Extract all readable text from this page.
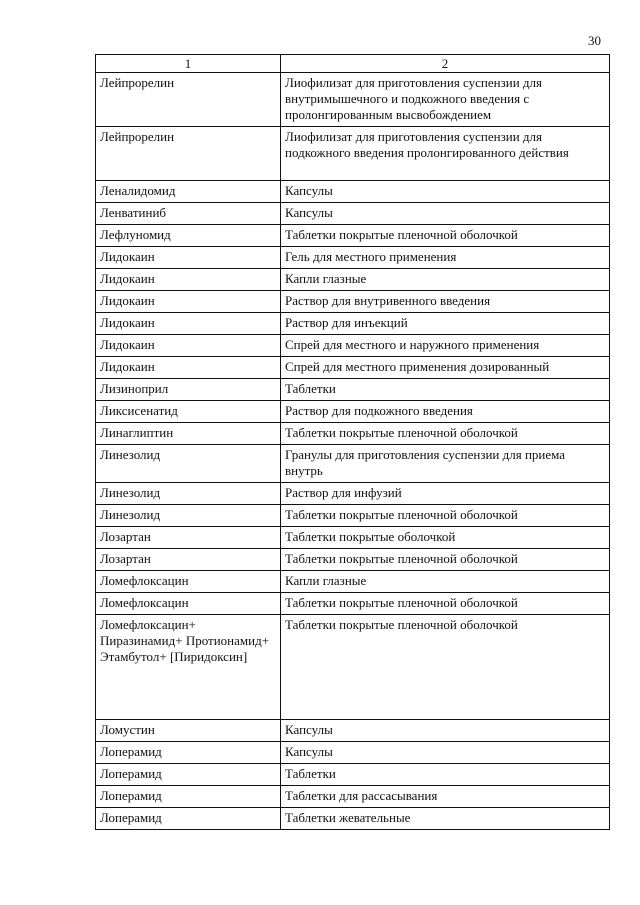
30
1	2
Лейпрорелин	Лиофилизат для приготовления суспензии для внутримышечного и подкожного введения с пролонгированным высвобождением
Лейпрорелин	Лиофилизат для приготовления суспензии для подкожного введения пролонгированного действия
Леналидомид	Капсулы
Ленватиниб	Капсулы
Лефлуномид	Таблетки покрытые пленочной оболочкой
Лидокаин	Гель для местного применения
Лидокаин	Капли глазные
Лидокаин	Раствор для внутривенного введения
Лидокаин	Раствор для инъекций
Лидокаин	Спрей для местного и наружного применения
Лидокаин	Спрей для местного применения дозированный
Лизиноприл	Таблетки
Ликсисенатид	Раствор для подкожного введения
Линаглиптин	Таблетки покрытые пленочной оболочкой
Линезолид	Гранулы для приготовления суспензии для приема внутрь
Линезолид	Раствор для инфузий
Линезолид	Таблетки покрытые пленочной оболочкой
Лозартан	Таблетки покрытые оболочкой
Лозартан	Таблетки покрытые пленочной оболочкой
Ломефлоксацин	Капли глазные
Ломефлоксацин	Таблетки покрытые пленочной оболочкой
Ломефлоксацин+ Пиразинамид+ Протионамид+ Этамбутол+ [Пиридоксин]	Таблетки покрытые пленочной оболочкой
Ломустин	Капсулы
Лоперамид	Капсулы
Лоперамид	Таблетки
Лоперамид	Таблетки для рассасывания
Лоперамид	Таблетки жевательные
